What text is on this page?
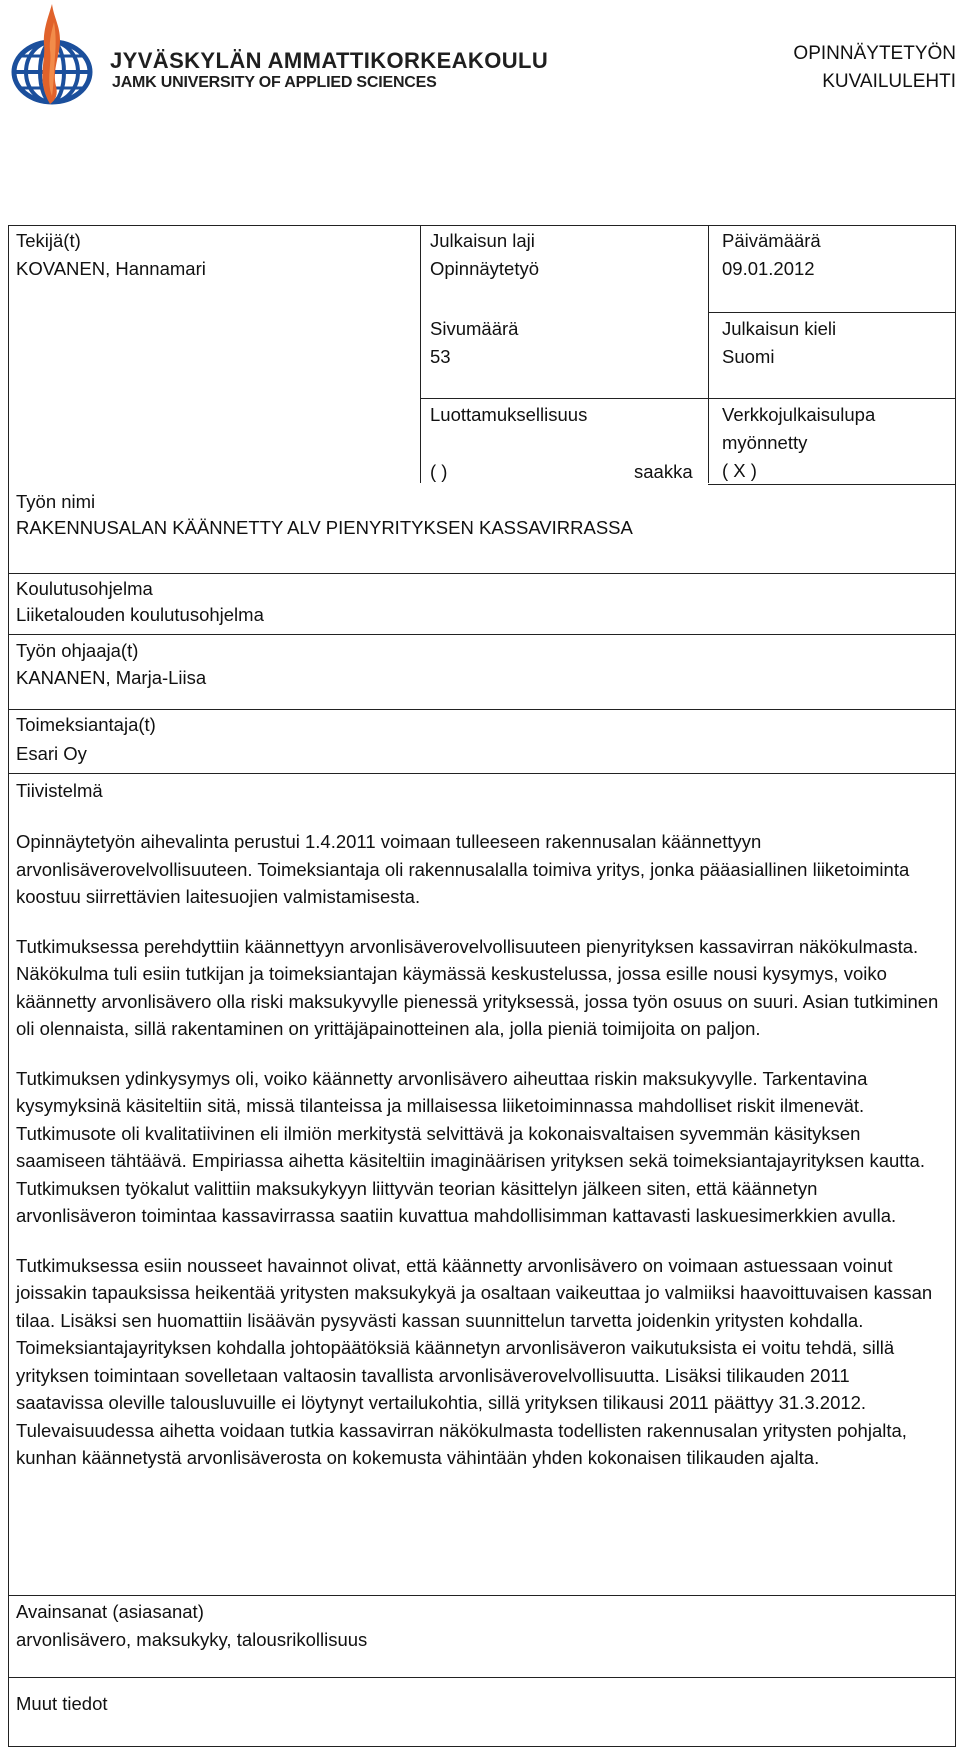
JYVÄSKYLÄN AMMATTIKORKEAKOULU
JAMK UNIVERSITY OF APPLIED SCIENCES
OPINNÄYTETYÖN
KUVAILULEHTI
Tekijä(t)
KOVANEN, Hannamari
Julkaisun laji
Opinnäytetyö
Päivämäärä
09.01.2012
Sivumäärä
53
Julkaisun kieli
Suomi
Luottamuksellisuus
( )	saakka
Verkkojulkaisulupa
myönnetty
( X )
Työn nimi
RAKENNUSALAN KÄÄNNETTY ALV PIENYRITYKSEN KASSAVIRRASSA
Koulutusohjelma
Liiketalouden koulutusohjelma
Työn ohjaaja(t)
KANANEN, Marja-Liisa
Toimeksiantaja(t)
Esari Oy
Tiivistelmä

Opinnäytetyön aihevalinta perustui 1.4.2011 voimaan tulleeseen rakennusalan käännettyyn arvonlisäverovelvollisuuteen. Toimeksiantaja oli rakennusalalla toimiva yritys, jonka pääasiallinen liiketoiminta koostuu siirrettävien laitesuojien valmistamisesta.

Tutkimuksessa perehdyttiin käännettyyn arvonlisäverovelvollisuuteen pienyrityksen kassavirran näkökulmasta. Näkökulma tuli esiin tutkijan ja toimeksiantajan käymässä keskustelussa, jossa esille nousi kysymys, voiko käännetty arvonlisävero olla riski maksukyvylle pienessä yrityksessä, jossa työn osuus on suuri. Asian tutkiminen oli olennaista, sillä rakentaminen on yrittäjäpainotteinen ala, jolla pieniä toimijoita on paljon.

Tutkimuksen ydinkysymys oli, voiko käännetty arvonlisävero aiheuttaa riskin maksukyvylle. Tarkentavina kysymyksinä käsiteltiin sitä, missä tilanteissa ja millaisessa liiketoiminnassa mahdolliset riskit ilmenevät. Tutkimusote oli kvalitatiivinen eli ilmiön merkitystä selvittävä ja kokonaisvaltaisen syvemmän käsityksen saamiseen tähtäävä. Empiriassa aihetta käsiteltiin imaginäärisen yrityksen sekä toimeksiantajayrityksen kautta. Tutkimuksen työkalut valittiin maksukykyyn liittyvän teorian käsittelyn jälkeen siten, että käännetyn arvonlisäveron toimintaa kassavirrassa saatiin kuvattua mahdollisimman kattavasti laskuesimerkkien avulla.

Tutkimuksessa esiin nousseet havainnot olivat, että käännetty arvonlisävero on voimaan astuessaan voinut joissakin tapauksissa heikentää yritysten maksukykyä ja osaltaan vaikeuttaa jo valmiiksi haavoittuvaisen kassan tilaa. Lisäksi sen huomattiin lisäävän pysyvästi kassan suunnittelun tarvetta joidenkin yritysten kohdalla. Toimeksiantajayrityksen kohdalla johtopäätöksiä käännetyn arvonlisäveron vaikutuksista ei voitu tehdä, sillä yrityksen toimintaan sovelletaan valtaosin tavallista arvonlisäverovelvollisuutta. Lisäksi tilikauden 2011 saatavissa oleville talousluvuille ei löytynyt vertailukohtia, sillä yrityksen tilikausi 2011 päättyy 31.3.2012. Tulevaisuudessa aihetta voidaan tutkia kassavirran näkökulmasta todellisten rakennusalan yritysten pohjalta, kunhan käännetystä arvonlisäverosta on kokemusta vähintään yhden kokonaisen tilikauden ajalta.

Avainsanat (asiasanat)
arvonlisävero, maksukyky, talousrikollisuus
Muut tiedot
